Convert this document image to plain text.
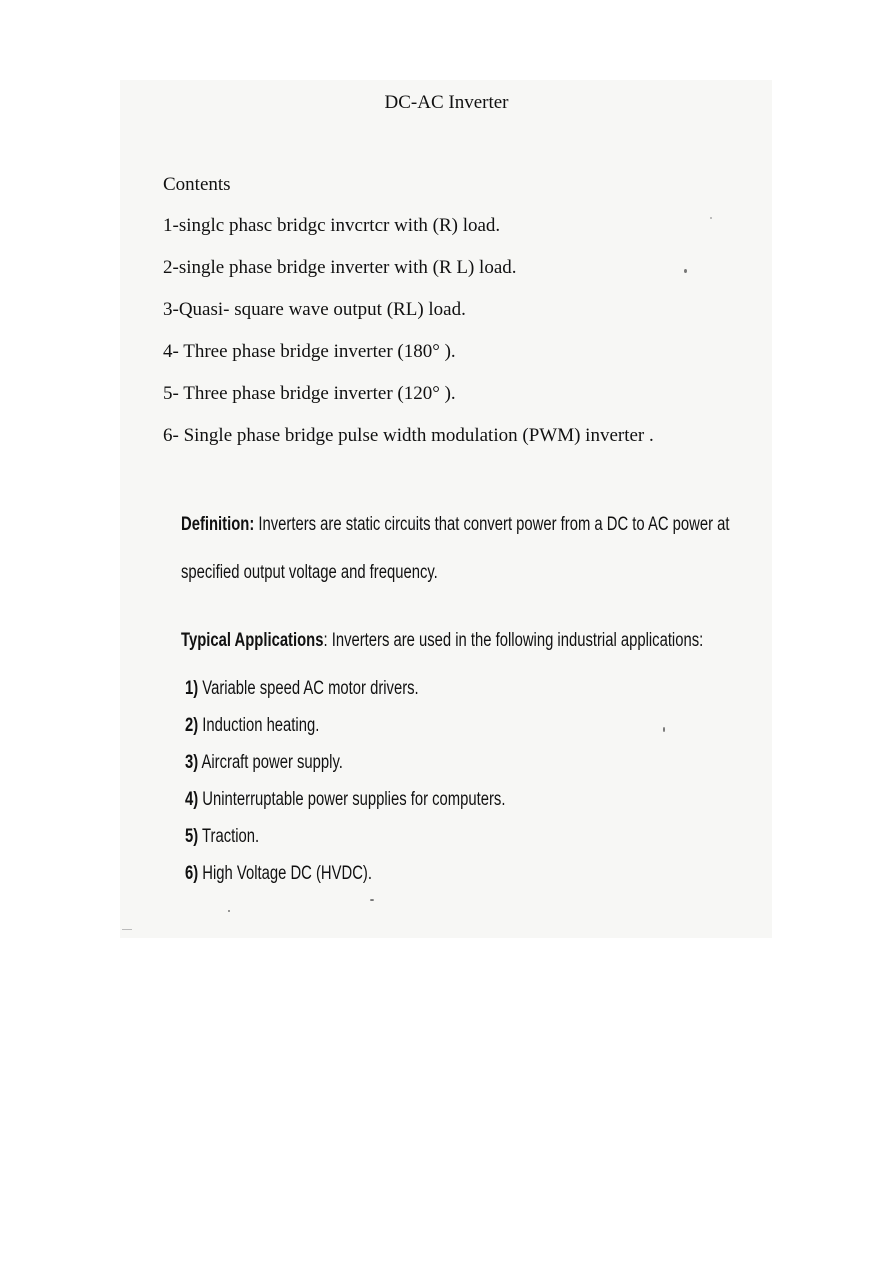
DC-AC Inverter
Contents
1-singlc phasc bridgc invcrtcr with (R) load.
2-single phase bridge inverter with (R L) load.
3-Quasi- square wave output (RL) load.
4- Three phase bridge inverter (180° ).
5- Three phase bridge inverter (120° ).
6- Single phase bridge pulse width modulation (PWM) inverter .
Definition: Inverters are static circuits that convert power from a DC to AC power at
specified output voltage and frequency.
Typical Applications: Inverters are used in the following industrial applications:
1) Variable speed AC motor drivers.
2) Induction heating.
3) Aircraft power supply.
4) Uninterruptable power supplies for computers.
5) Traction.
6) High Voltage DC (HVDC).
